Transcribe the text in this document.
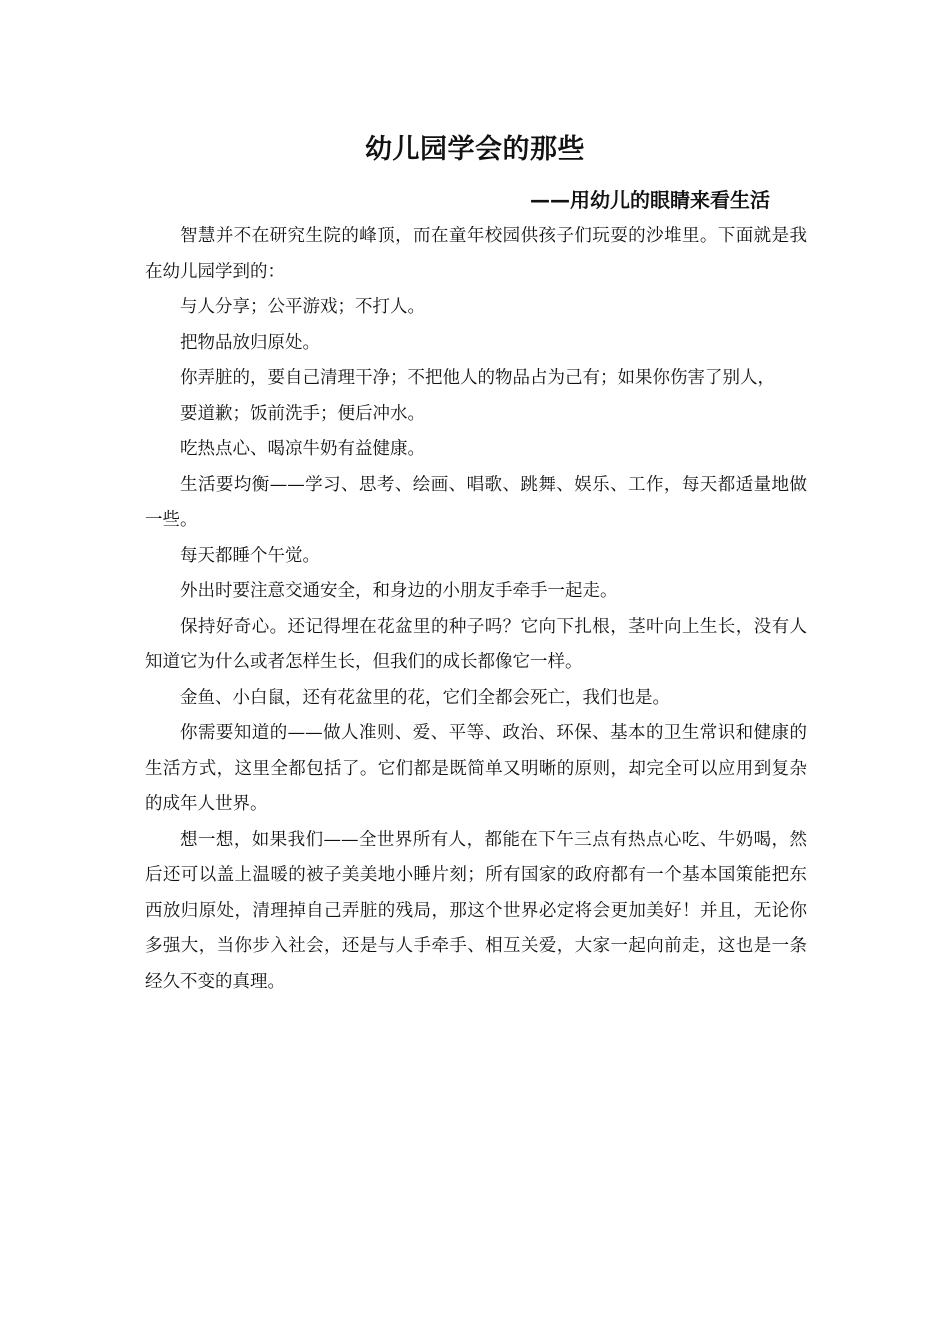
幼儿园学会的那些
——用幼儿的眼睛来看生活

智慧并不在研究生院的峰顶，而在童年校园供孩子们玩耍的沙堆里。下面就是我在幼儿园学到的：

与人分享；公平游戏；不打人。

把物品放归原处。

你弄脏的，要自己清理干净；不把他人的物品占为己有；如果你伤害了别人，

要道歉；饭前洗手；便后冲水。

吃热点心、喝凉牛奶有益健康。

生活要均衡——学习、思考、绘画、唱歌、跳舞、娱乐、工作，每天都适量地做一些。

每天都睡个午觉。

外出时要注意交通安全，和身边的小朋友手牵手一起走。

保持好奇心。还记得埋在花盆里的种子吗？它向下扎根，茎叶向上生长，没有人知道它为什么或者怎样生长，但我们的成长都像它一样。

金鱼、小白鼠，还有花盆里的花，它们全都会死亡，我们也是。

你需要知道的——做人准则、爱、平等、政治、环保、基本的卫生常识和健康的生活方式，这里全都包括了。它们都是既简单又明晰的原则，却完全可以应用到复杂的成年人世界。

想一想，如果我们——全世界所有人，都能在下午三点有热点心吃、牛奶喝，然后还可以盖上温暖的被子美美地小睡片刻；所有国家的政府都有一个基本国策能把东西放归原处，清理掉自己弄脏的残局，那这个世界必定将会更加美好！并且，无论你多强大，当你步入社会，还是与人手牵手、相互关爱，大家一起向前走，这也是一条经久不变的真理。
